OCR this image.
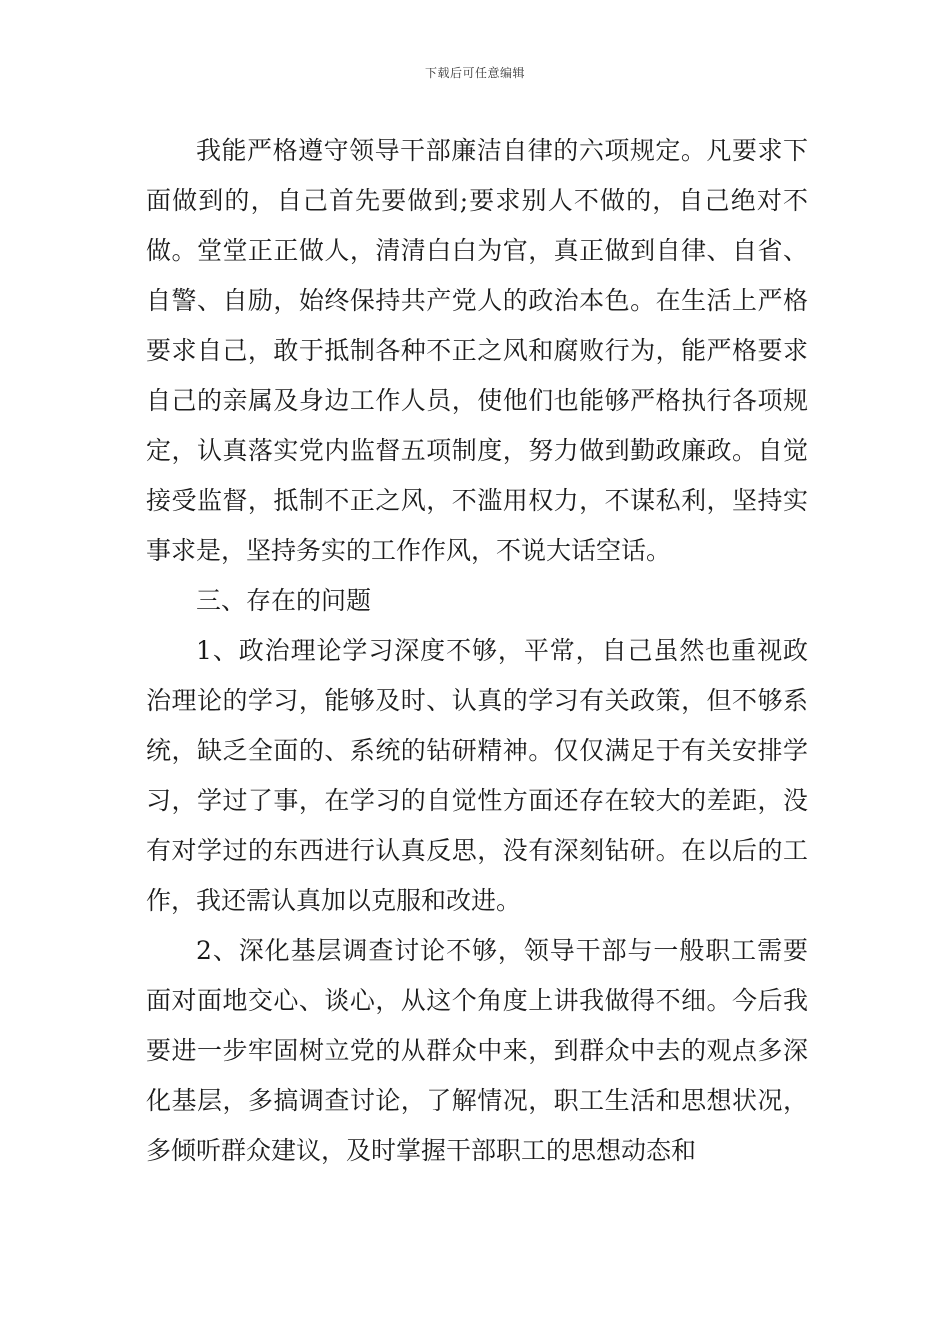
下载后可任意编辑

我能严格遵守领导干部廉洁自律的六项规定。凡要求下面做到的，自己首先要做到;要求别人不做的，自己绝对不做。堂堂正正做人，清清白白为官，真正做到自律、自省、自警、自励，始终保持共产党人的政治本色。在生活上严格要求自己，敢于抵制各种不正之风和腐败行为，能严格要求自己的亲属及身边工作人员，使他们也能够严格执行各项规定，认真落实党内监督五项制度，努力做到勤政廉政。自觉接受监督，抵制不正之风，不滥用权力，不谋私利，坚持实事求是，坚持务实的工作作风，不说大话空话。

三、存在的问题

1、政治理论学习深度不够，平常，自己虽然也重视政治理论的学习，能够及时、认真的学习有关政策，但不够系统，缺乏全面的、系统的钻研精神。仅仅满足于有关安排学习，学过了事，在学习的自觉性方面还存在较大的差距，没有对学过的东西进行认真反思，没有深刻钻研。在以后的工作，我还需认真加以克服和改进。

2、深化基层调查讨论不够，领导干部与一般职工需要面对面地交心、谈心，从这个角度上讲我做得不细。今后我要进一步牢固树立党的从群众中来，到群众中去的观点多深化基层，多搞调查讨论，了解情况，职工生活和思想状况，多倾听群众建议，及时掌握干部职工的思想动态和
